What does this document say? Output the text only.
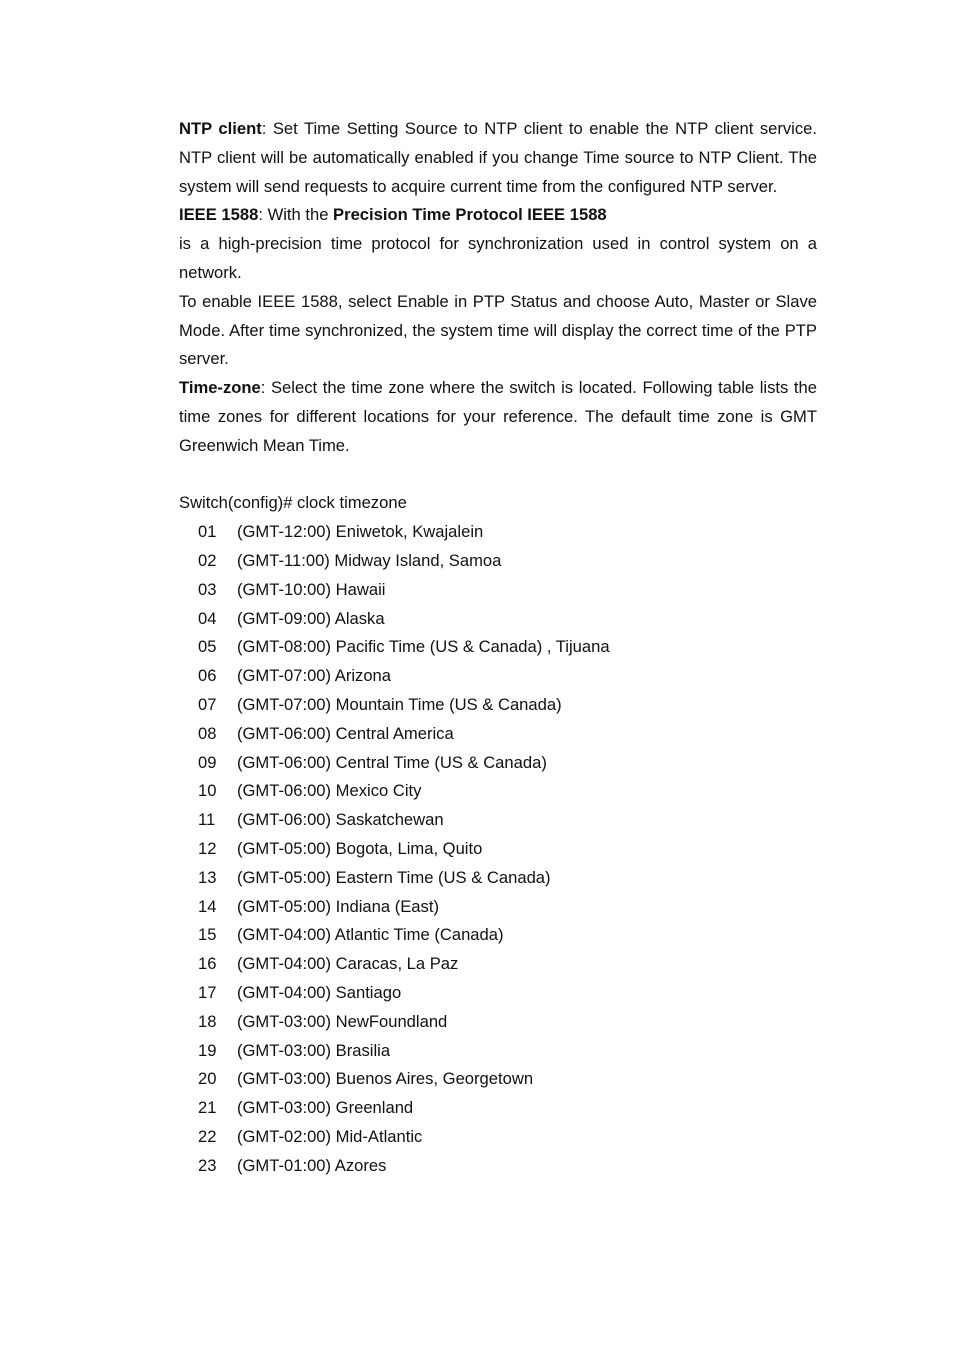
NTP client: Set Time Setting Source to NTP client to enable the NTP client service. NTP client will be automatically enabled if you change Time source to NTP Client. The system will send requests to acquire current time from the configured NTP server.

IEEE 1588: With the Precision Time Protocol IEEE 1588

is a high-precision time protocol for synchronization used in control system on a network.

To enable IEEE 1588, select Enable in PTP Status and choose Auto, Master or Slave Mode. After time synchronized, the system time will display the correct time of the PTP server.

Time-zone: Select the time zone where the switch is located. Following table lists the time zones for different locations for your reference. The default time zone is GMT Greenwich Mean Time.

Switch(config)# clock timezone

01	(GMT-12:00) Eniwetok, Kwajalein
02	(GMT-11:00) Midway Island, Samoa
03	(GMT-10:00) Hawaii
04	(GMT-09:00) Alaska
05	(GMT-08:00) Pacific Time (US & Canada) , Tijuana
06	(GMT-07:00) Arizona
07	(GMT-07:00) Mountain Time (US & Canada)
08	(GMT-06:00) Central America
09	(GMT-06:00) Central Time (US & Canada)
10	(GMT-06:00) Mexico City
11	(GMT-06:00) Saskatchewan
12	(GMT-05:00) Bogota, Lima, Quito
13	(GMT-05:00) Eastern Time (US & Canada)
14	(GMT-05:00) Indiana (East)
15	(GMT-04:00) Atlantic Time (Canada)
16	(GMT-04:00) Caracas, La Paz
17	(GMT-04:00) Santiago
18	(GMT-03:00) NewFoundland
19	(GMT-03:00) Brasilia
20	(GMT-03:00) Buenos Aires, Georgetown
21	(GMT-03:00) Greenland
22	(GMT-02:00) Mid-Atlantic
23	(GMT-01:00) Azores
